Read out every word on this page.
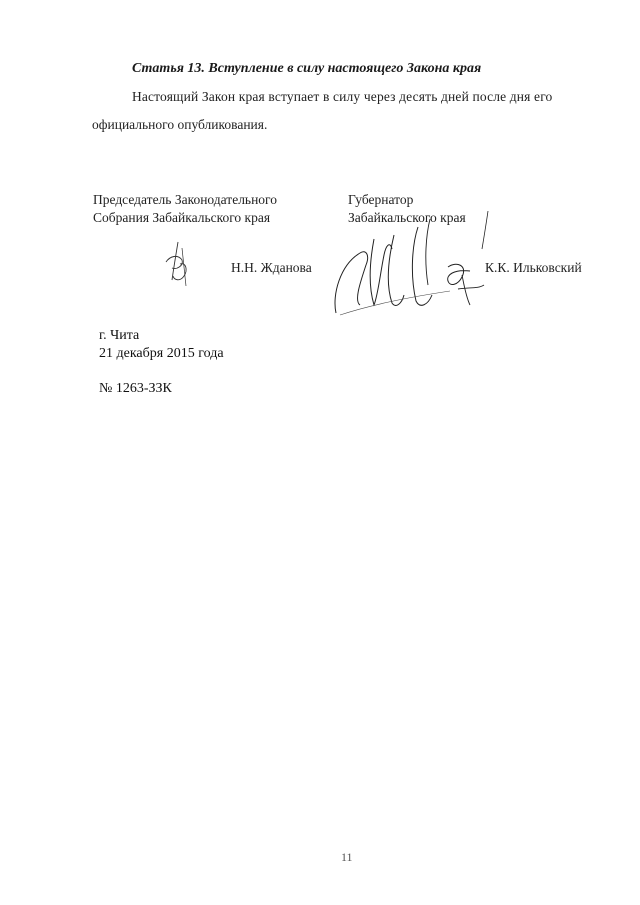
Статья 13. Вступление в силу настоящего Закона края
Настоящий Закон края вступает в силу через десять дней после дня его
официального опубликования.
Председатель Законодательного
Собрания Забайкальского края
Губернатор
Забайкальского края
Н.Н. Жданова	К.К. Ильковский
г. Чита
21 декабря 2015 года
№ 1263-ЗЗК
11
